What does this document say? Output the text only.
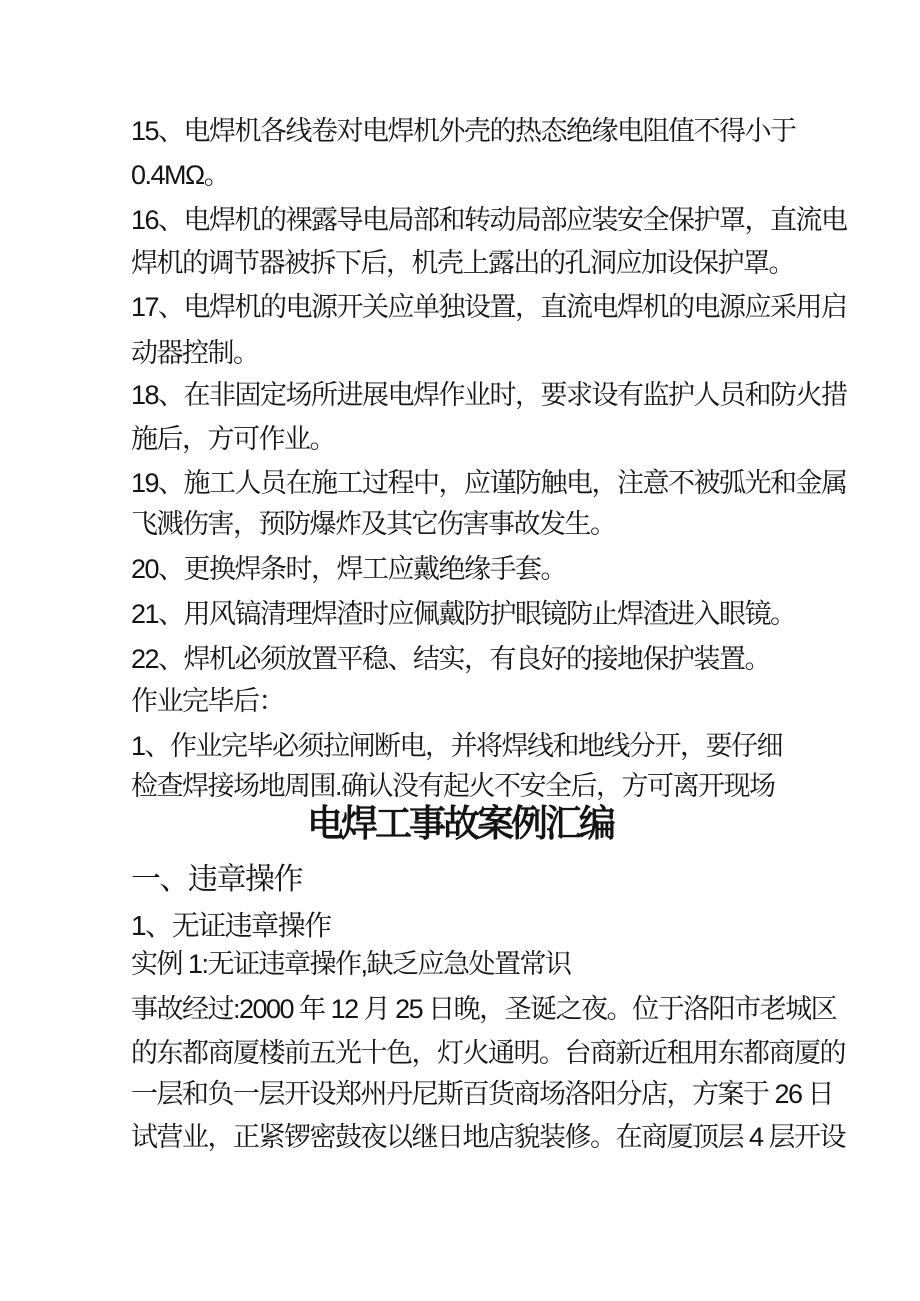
15、电焊机各线卷对电焊机外壳的热态绝缘电阻值不得小于
0.4MΩ。
16、电焊机的裸露导电局部和转动局部应装安全保护罩，直流电
焊机的调节器被拆下后，机壳上露出的孔洞应加设保护罩。
17、电焊机的电源开关应单独设置，直流电焊机的电源应采用启
动器控制。
18、在非固定场所进展电焊作业时，要求设有监护人员和防火措
施后，方可作业。
19、施工人员在施工过程中，应谨防触电，注意不被弧光和金属
飞溅伤害，预防爆炸及其它伤害事故发生。
20、更换焊条时，焊工应戴绝缘手套。
21、用风镐清理焊渣时应佩戴防护眼镜防止焊渣进入眼镜。
22、焊机必须放置平稳、结实，有良好的接地保护装置。
作业完毕后：
1、作业完毕必须拉闸断电，并将焊线和地线分开，要仔细
检查焊接场地周围.确认没有起火不安全后，方可离开现场
电焊工事故案例汇编
一、违章操作
1、无证违章操作
实例 1:无证违章操作,缺乏应急处置常识
事故经过:2000 年 12 月 25 日晚，圣诞之夜。位于洛阳市老城区
的东都商厦楼前五光十色，灯火通明。台商新近租用东都商厦的
一层和负一层开设郑州丹尼斯百货商场洛阳分店，方案于 26 日
试营业，正紧锣密鼓夜以继日地店貌装修。在商厦顶层 4 层开设
